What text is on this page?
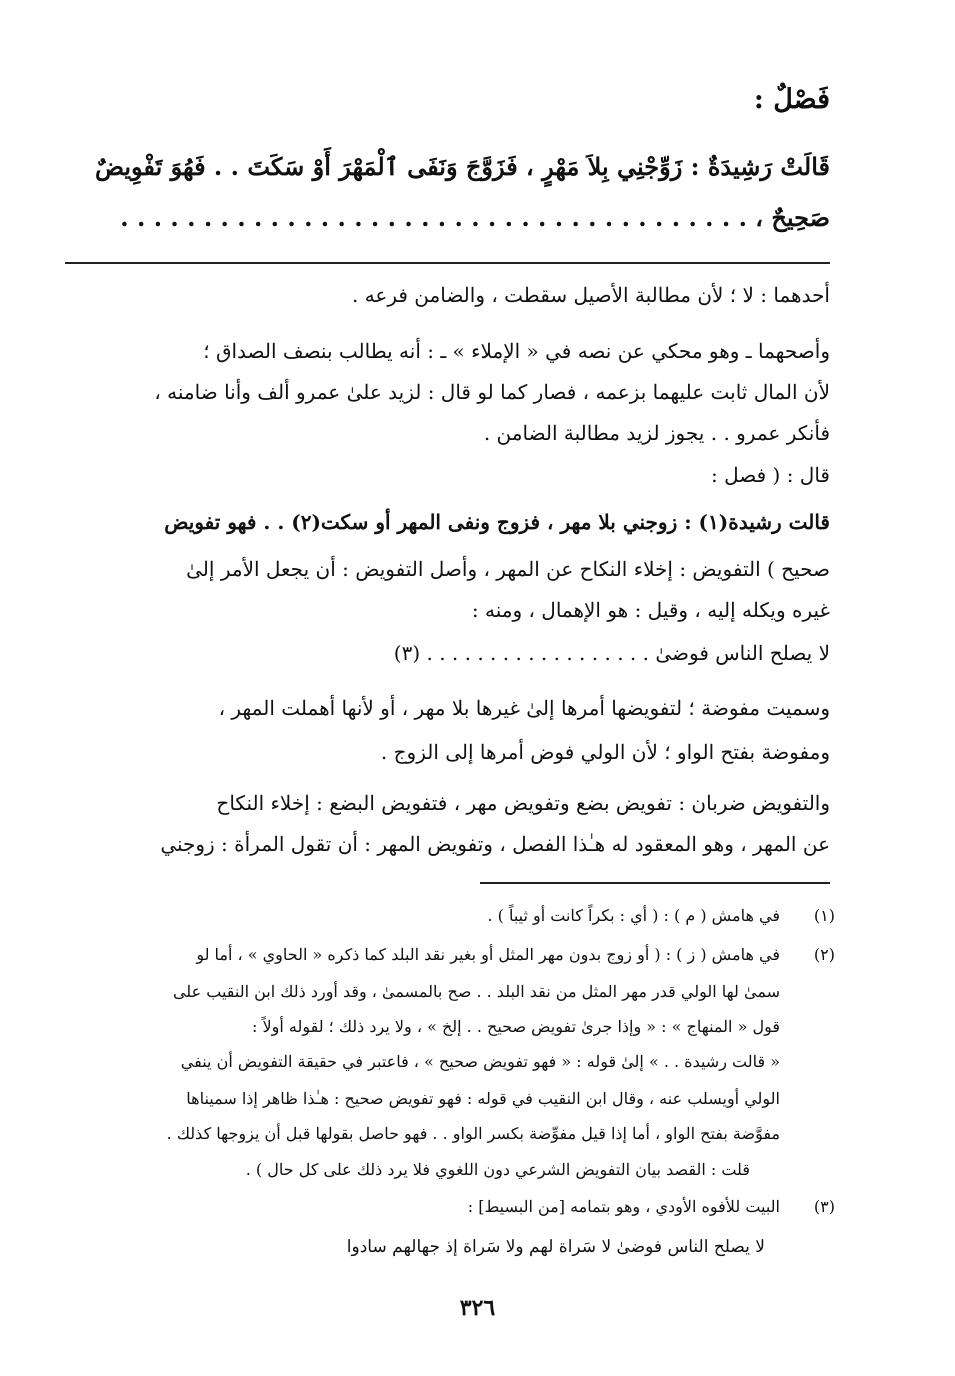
فَصْلٌ :
قَالَتْ رَشِيدَةٌ : زَوِّجْنِي بِلاَ مَهْرٍ ، فَزَوَّجَ وَنَفَى ٱلْمَهْرَ أَوْ سَكَتَ . . فَهُوَ تَفْوِيضٌ
صَحِيحٌ ، . . . . . . . . . . . . . . . . . . . . . . . . . . . . . . . . . . . . . .
أحدهما : لا ؛ لأن مطالبة الأصيل سقطت ، والضامن فرعه .
وأصحهما ـ وهو محكي عن نصه في « الإملاء » ـ : أنه يطالب بنصف الصداق ؛
لأن المال ثابت عليهما بزعمه ، فصار كما لو قال : لزيد علىٰ عمرو ألف وأنا ضامنه ،
فأنكر عمرو . . يجوز لزيد مطالبة الضامن .
قال : ( فصل :
قالت رشيدة(١) : زوجني بلا مهر ، فزوج ونفى المهر أو سكت(٢) . . فهو تفويض
صحيح ) التفويض : إخلاء النكاح عن المهر ، وأصل التفويض : أن يجعل الأمر إلىٰ
غيره ويكله إليه ، وقيل : هو الإهمال ، ومنه :
لا يصلح الناس فوضىٰ . . . . . . . . . . . . . . . . . . (٣)
وسميت مفوضة ؛ لتفويضها أمرها إلىٰ غيرها بلا مهر ، أو لأنها أهملت المهر ،
ومفوضة بفتح الواو ؛ لأن الولي فوض أمرها إلى الزوج .
والتفويض ضربان : تفويض بضع وتفويض مهر ، فتفويض البضع : إخلاء النكاح
عن المهر ، وهو المعقود له هـٰذا الفصل ، وتفويض المهر : أن تقول المرأة : زوجني
(١)
في هامش ( م ) : ( أي : بكراً كانت أو ثيباً ) .
(٢)
في هامش ( ز ) : ( أو زوج بدون مهر المثل أو بغير نقد البلد كما ذكره « الحاوي » ، أما لو
سمىٰ لها الولي قدر مهر المثل من نقد البلد . . صح بالمسمىٰ ، وقد أورد ذلك ابن النقيب على
قول « المنهاج » : « وإذا جرىٰ تفويض صحيح . . إلخ » ، ولا يرد ذلك ؛ لقوله أولاً :
« قالت رشيدة . . » إلىٰ قوله : « فهو تفويض صحيح » ، فاعتبر في حقيقة التفويض أن ينفي
الولي أويسلب عنه ، وقال ابن النقيب في قوله : فهو تفويض صحيح : هـٰذا ظاهر إذا سميناها
مفوَّضة بفتح الواو ، أما إذا قيل مفوِّضة بكسر الواو . . فهو حاصل بقولها قبل أن يزوجها كذلك .
قلت : القصد بيان التفويض الشرعي دون اللغوي فلا يرد ذلك على كل حال ) .
(٣)
البيت للأفوه الأودي ، وهو بتمامه [من البسيط] :
لا يصلح الناس فوضىٰ لا سَراة لهم ولا سَراة إذ جهالهم سادوا
٣٢٦
